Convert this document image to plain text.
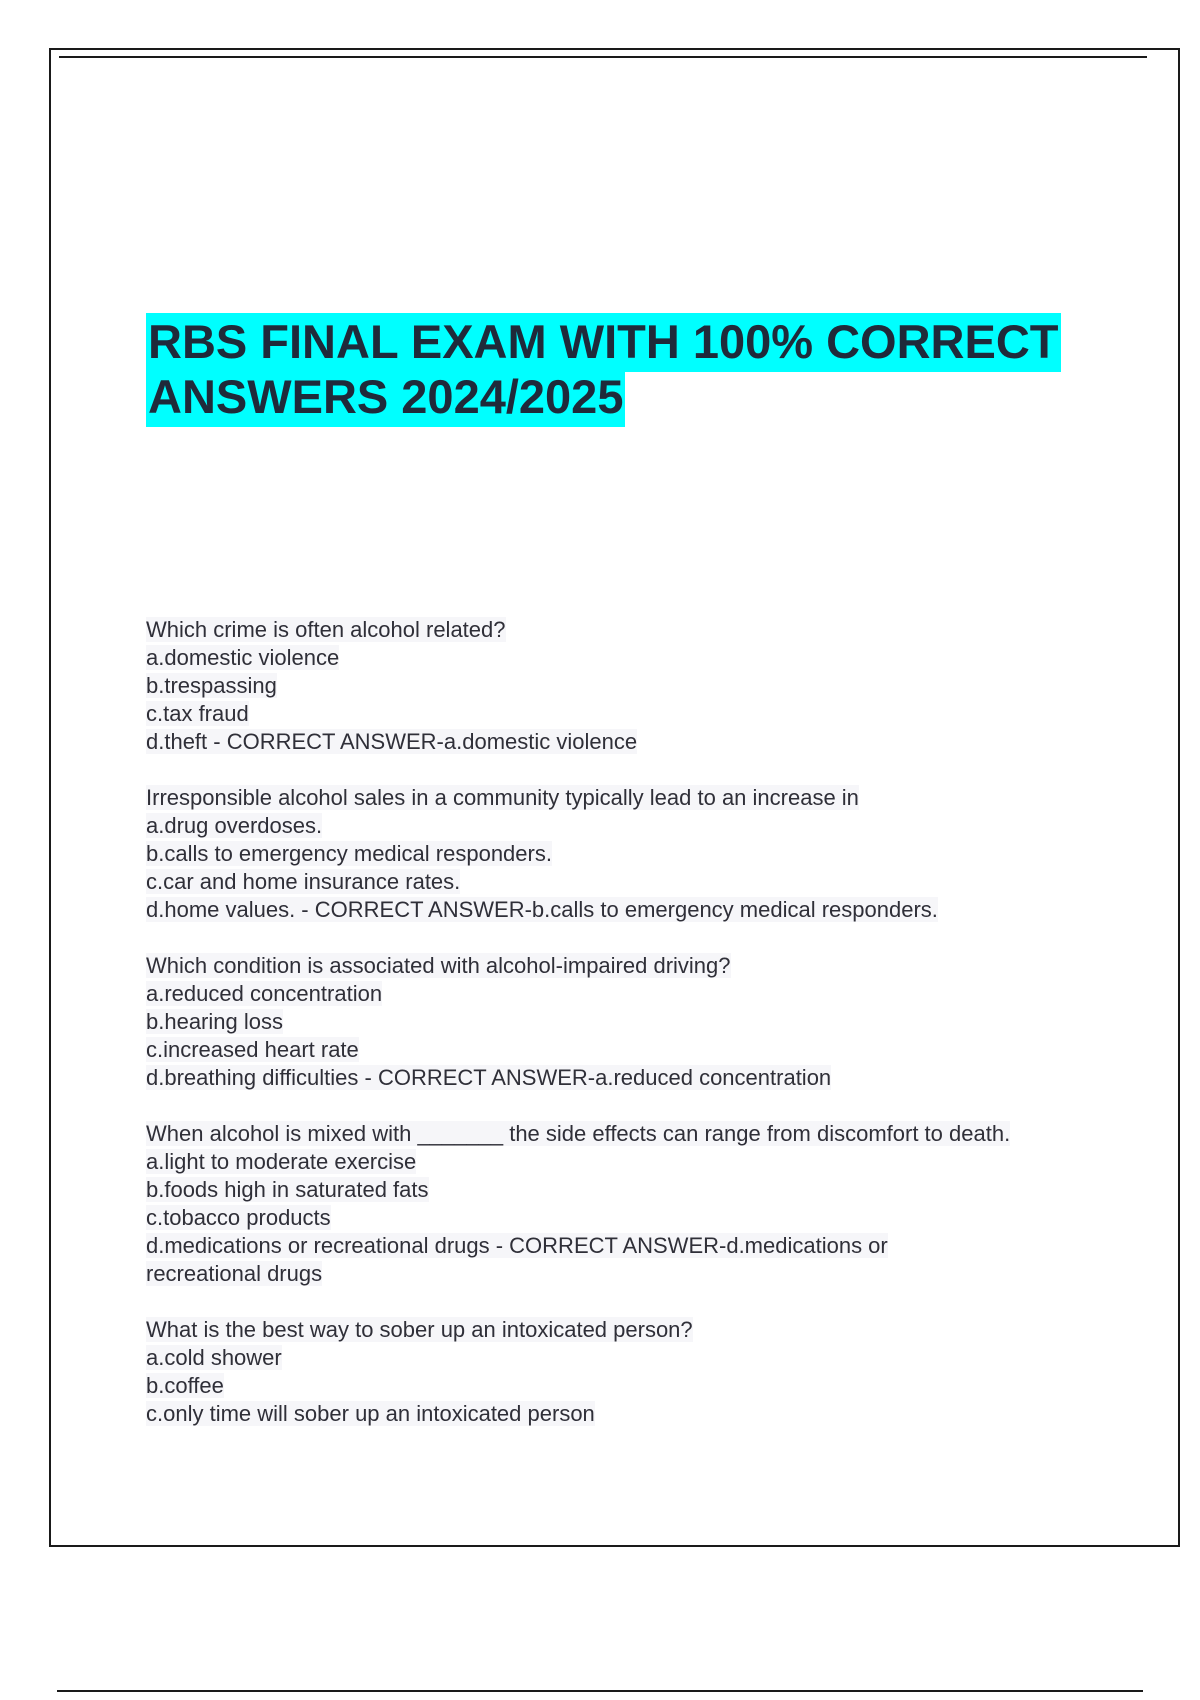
RBS FINAL EXAM WITH 100% CORRECT
ANSWERS 2024/2025
Which crime is often alcohol related?
a.domestic violence
b.trespassing
c.tax fraud
d.theft - CORRECT ANSWER-a.domestic violence
Irresponsible alcohol sales in a community typically lead to an increase in
a.drug overdoses.
b.calls to emergency medical responders.
c.car and home insurance rates.
d.home values. - CORRECT ANSWER-b.calls to emergency medical responders.
Which condition is associated with alcohol-impaired driving?
a.reduced concentration
b.hearing loss
c.increased heart rate
d.breathing difficulties - CORRECT ANSWER-a.reduced concentration
When alcohol is mixed with _______ the side effects can range from discomfort to death.
a.light to moderate exercise
b.foods high in saturated fats
c.tobacco products
d.medications or recreational drugs - CORRECT ANSWER-d.medications or
recreational drugs
What is the best way to sober up an intoxicated person?
a.cold shower
b.coffee
c.only time will sober up an intoxicated person
